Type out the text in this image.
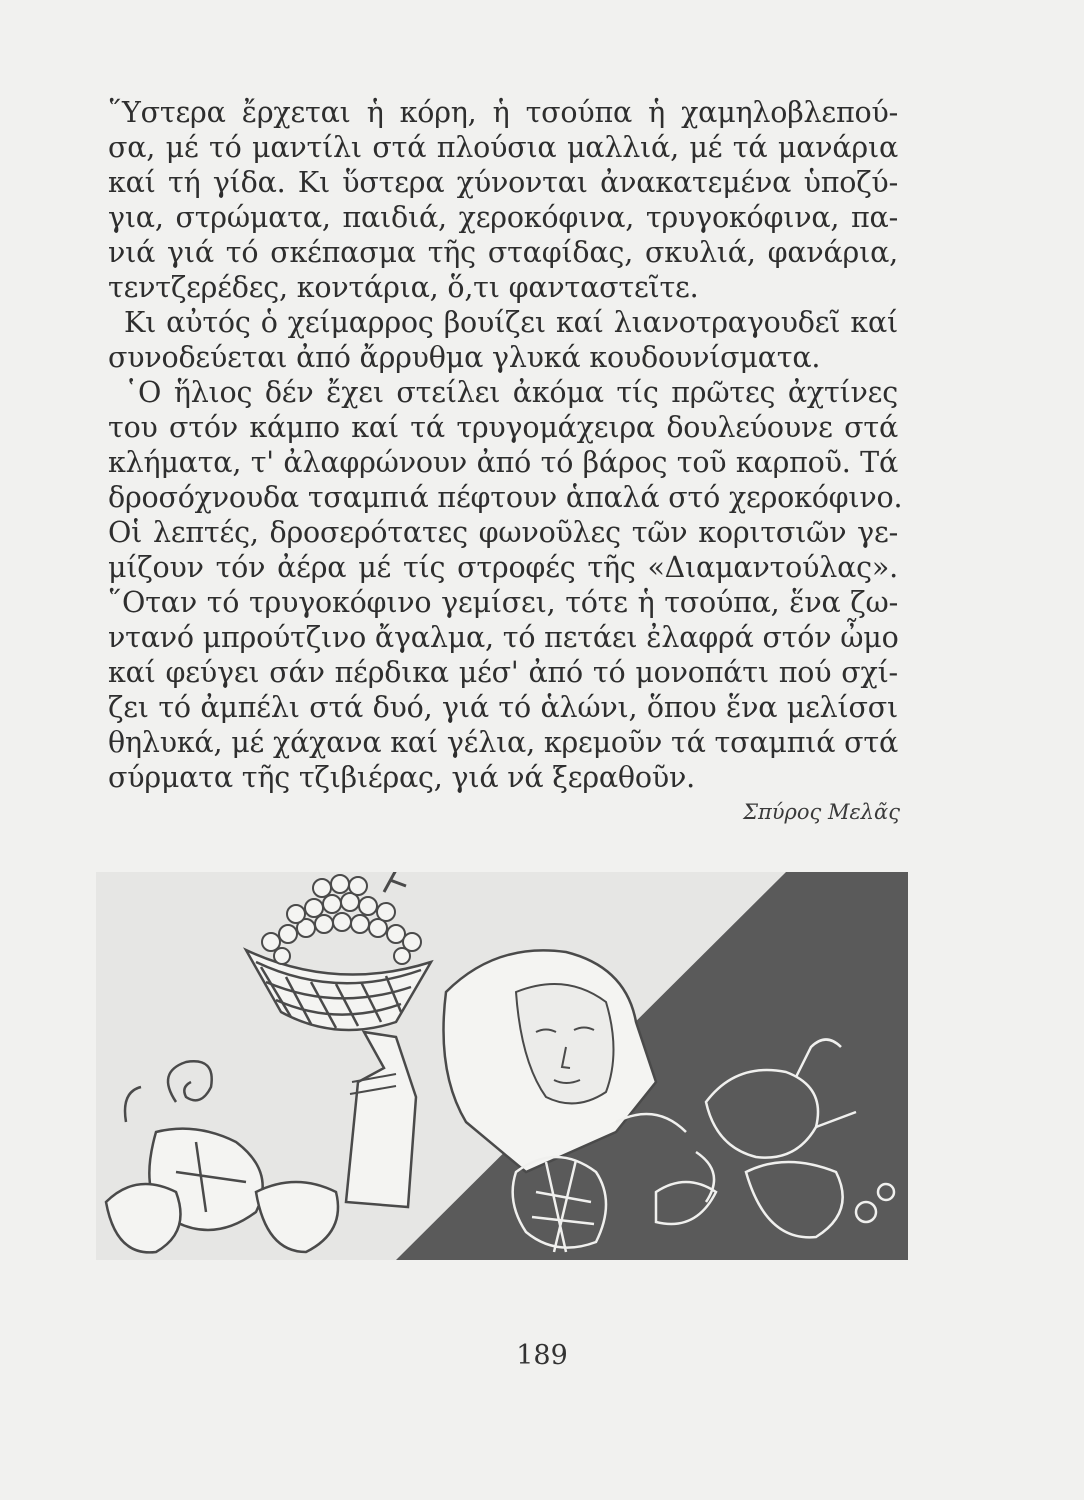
῞Υστερα ἔρχεται ἡ κόρη, ἡ τσούπα ἡ χαμηλοβλεπού-
σα, μέ τό μαντίλι στά πλούσια μαλλιά, μέ τά μανάρια
καί τή γίδα. Κι ὕστερα χύνονται ἀνακατεμένα ὑποζύ-
για, στρώματα, παιδιά, χεροκόφινα, τρυγοκόφινα, πα-
νιά γιά τό σκέπασμα τῆς σταφίδας, σκυλιά, φανάρια,
τεντζερέδες, κοντάρια, ὅ,τι φανταστεῖτε.
Κι αὐτός ὁ χείμαρρος βουίζει καί λιανοτραγουδεῖ καί
συνοδεύεται ἀπό ἄρρυθμα γλυκά κουδουνίσματα.
῾Ο ἥλιος δέν ἔχει στείλει ἀκόμα τίς πρῶτες ἀχτίνες
του στόν κάμπο καί τά τρυγομάχειρα δουλεύουνε στά
κλήματα, τ' ἀλαφρώνουν ἀπό τό βάρος τοῦ καρποῦ. Τά
δροσόχνουδα τσαμπιά πέφτουν ἁπαλά στό χεροκόφινο.
Οἱ λεπτές, δροσερότατες φωνοῦλες τῶν κοριτσιῶν γε-
μίζουν τόν ἀέρα μέ τίς στροφές τῆς «Διαμαντούλας».
῞Οταν τό τρυγοκόφινο γεμίσει, τότε ἡ τσούπα, ἕνα ζω-
ντανό μπρούτζινο ἄγαλμα, τό πετάει ἐλαφρά στόν ὦμο
καί φεύγει σάν πέρδικα μέσ' ἀπό τό μονοπάτι πού σχί-
ζει τό ἀμπέλι στά δυό, γιά τό ἁλώνι, ὅπου ἕνα μελίσσι
θηλυκά, μέ χάχανα καί γέλια, κρεμοῦν τά τσαμπιά στά
σύρματα τῆς τζιβιέρας, γιά νά ξεραθοῦν.
Σπύρος Μελᾶς
189
